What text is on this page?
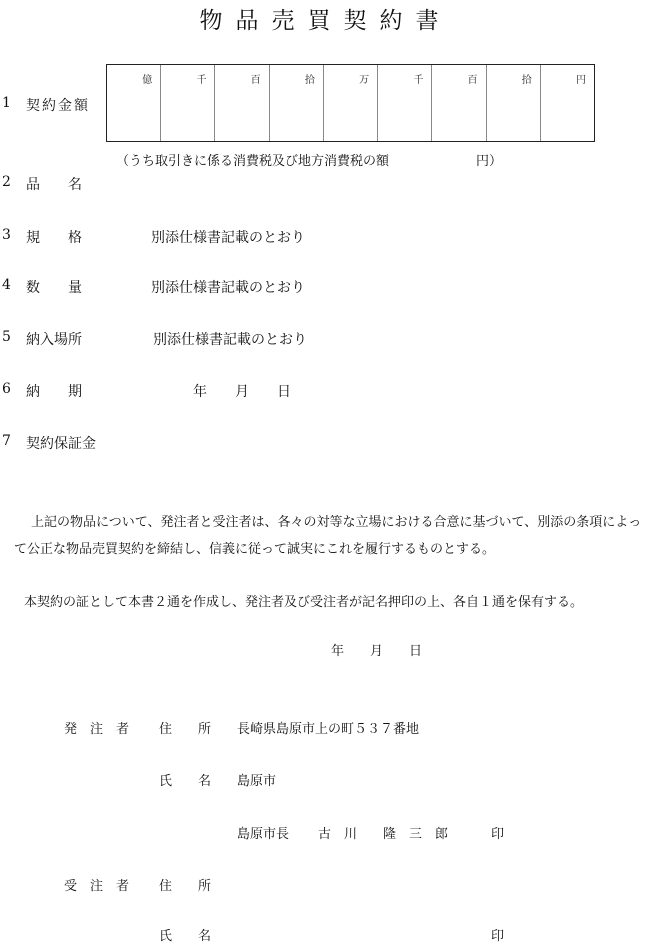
物品売買契約書
1 契約金額
億	千	百	拾	万	千	百	拾	円
（うち取引きに係る消費税及び地方消費税の額	円）
2 品　　名
3 規　　格	別添仕様書記載のとおり
4 数　　量	別添仕様書記載のとおり
5 納入場所	別添仕様書記載のとおり
6 納　　期	年　　月　　日
7 契約保証金
上記の物品について、発注者と受注者は、各々の対等な立場における合意に基づいて、別添の条項によっ
て公正な物品売買契約を締結し、信義に従って誠実にこれを履行するものとする。
本契約の証として本書２通を作成し、発注者及び受注者が記名押印の上、各自１通を保有する。
年　　月　　日
発　注　者 住　　所 長崎県島原市上の町５３７番地
氏　　名 島原市
島原市長 古　川　　隆　三　郎	印
受　注　者 住　　所
氏　　名	印
